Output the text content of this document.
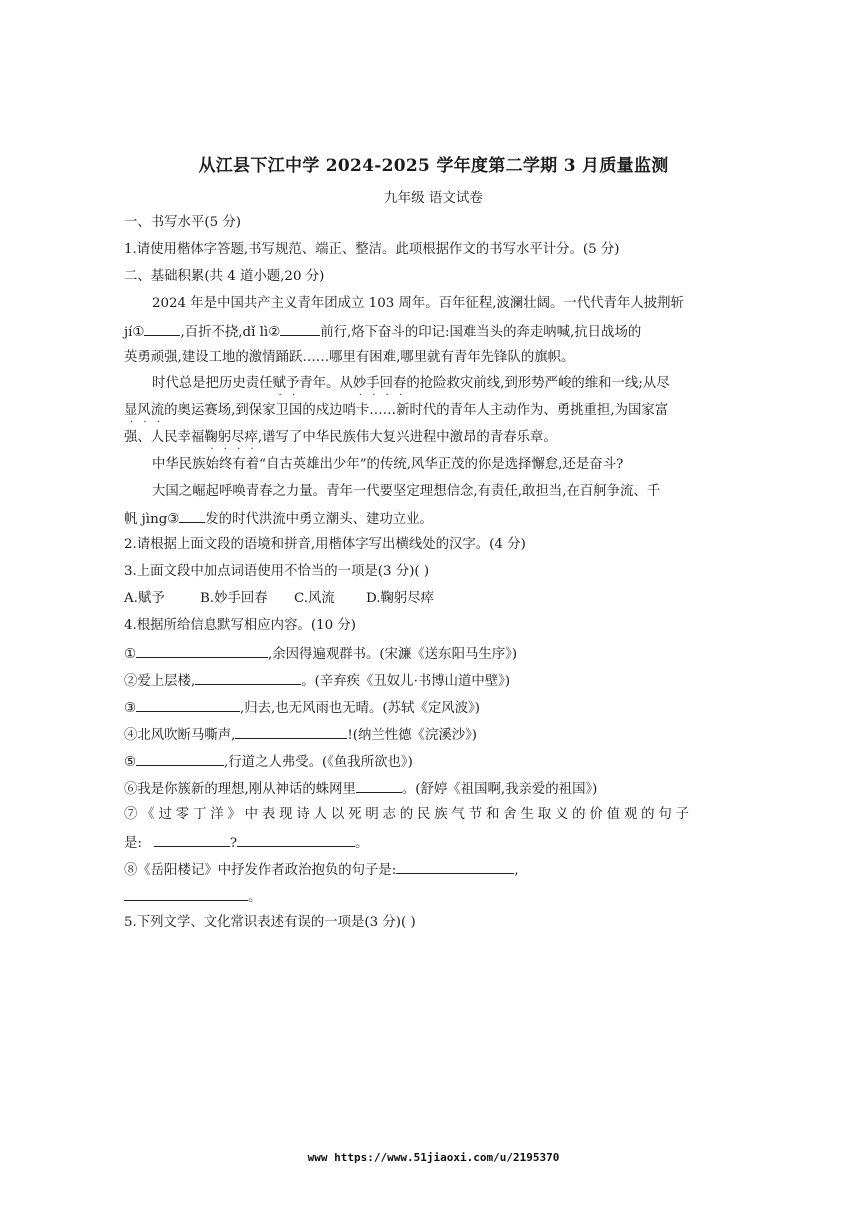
从江县下江中学 2024-2025 学年度第二学期 3 月质量监测
九年级 语文试卷
一、书写水平(5 分)
1.请使用楷体字答题,书写规范、端正、整洁。此项根据作文的书写水平计分。(5 分)
二、基础积累(共 4 道小题,20 分)
2024 年是中国共产主义青年团成立 103 周年。百年征程,波澜壮阔。一代代青年人披荆斩
jí①	,百折不挠,dǐ lì②	前行,烙下奋斗的印记:国难当头的奔走呐喊,抗日战场的
英勇顽强,建设工地的激情踊跃……哪里有困难,哪里就有青年先锋队的旗帜。
时代总是把历史责任赋予青年。从妙手回春的抢险救灾前线,到形势严峻的维和一线;从尽
显风流的奥运赛场,到保家卫国的戍边哨卡……新时代的青年人主动作为、勇挑重担,为国家富
强、人民幸福鞠躬尽瘁,谱写了中华民族伟大复兴进程中激昂的青春乐章。
中华民族始终有着“自古英雄出少年”的传统,风华正茂的你是选择懈怠,还是奋斗?
大国之崛起呼唤青春之力量。青年一代要坚定理想信念,有责任,敢担当,在百舸争流、千
帆 jìng③ 发的时代洪流中勇立潮头、建功立业。
2.请根据上面文段的语境和拼音,用楷体字写出横线处的汉字。(4 分)
3.上面文段中加点词语使用不恰当的一项是(3 分)( )
A.赋予	B.妙手回春 C.风流 D.鞠躬尽瘁
4.根据所给信息默写相应内容。(10 分)
①	,余因得遍观群书。(宋濂《送东阳马生序》)
②爱上层楼,	。(辛弃疾《丑奴儿·书博山道中壁》)
③	,归去,也无风雨也无晴。(苏轼《定风波》)
④北风吹断马嘶声,	!(纳兰性德《浣溪沙》)
⑤	,行道之人弗受。(《鱼我所欲也》)
⑥我是你簇新的理想,刚从神话的蛛网里	。(舒婷《祖国啊,我亲爱的祖国》)
⑦《过零丁洋》中表现诗人以死明志的民族气节和舍生取义的价值观的句子
是:	?	。
⑧《岳阳楼记》中抒发作者政治抱负的句子是:	,
。
5.下列文学、文化常识表述有误的一项是(3 分)( )
www https://www.51jiaoxi.com/u/2195370
